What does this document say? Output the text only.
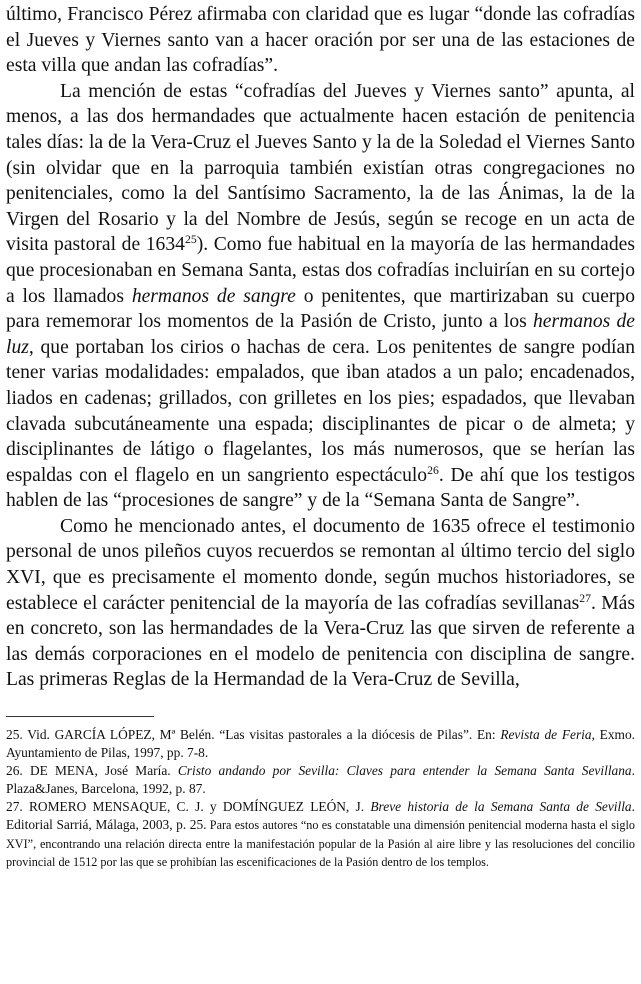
último, Francisco Pérez afirmaba con claridad que es lugar “donde las cofradías el Jueves y Viernes santo van a hacer oración por ser una de las estaciones de esta villa que andan las cofradías”.

La mención de estas “cofradías del Jueves y Viernes santo” apunta, al menos, a las dos hermandades que actualmente hacen estación de penitencia tales días: la de la Vera-Cruz el Jueves Santo y la de la Soledad el Viernes Santo (sin olvidar que en la parroquia también existían otras congregaciones no penitenciales, como la del Santísimo Sacramento, la de las Ánimas, la de la Virgen del Rosario y la del Nombre de Jesús, según se recoge en un acta de visita pastoral de 1634$^{25}$). Como fue habitual en la mayoría de las hermandades que procesionaban en Semana Santa, estas dos cofradías incluirían en su cortejo a los llamados hermanos de sangre o penitentes, que martirizaban su cuerpo para rememorar los momentos de la Pasión de Cristo, junto a los hermanos de luz, que portaban los cirios o hachas de cera. Los penitentes de sangre podían tener varias modalidades: empalados, que iban atados a un palo; encadenados, liados en cadenas; grillados, con grilletes en los pies; espadados, que llevaban clavada subcutáneamente una espada; disciplinantes de picar o de almeta; y disciplinantes de látigo o flagelantes, los más numerosos, que se herían las espaldas con el flagelo en un sangriento espectáculo$^{26}$. De ahí que los testigos hablen de las “procesiones de sangre” y de la “Semana Santa de Sangre”.

Como he mencionado antes, el documento de 1635 ofrece el testimonio personal de unos pileños cuyos recuerdos se remontan al último tercio del siglo XVI, que es precisamente el momento donde, según muchos historiadores, se establece el carácter penitencial de la mayoría de las cofradías sevillanas$^{27}$. Más en concreto, son las hermandades de la Vera-Cruz las que sirven de referente a las demás corporaciones en el modelo de penitencia con disciplina de sangre. Las primeras Reglas de la Hermandad de la Vera-Cruz de Sevilla,

25. Vid. GARCÍA LÓPEZ, Mª Belén. “Las visitas pastorales a la diócesis de Pilas”. En: Revista de Feria, Exmo. Ayuntamiento de Pilas, 1997, pp. 7-8.

26. DE MENA, José María. Cristo andando por Sevilla: Claves para entender la Semana Santa Sevillana. Plaza&Janes, Barcelona, 1992, p. 87.

27. ROMERO MENSAQUE, C. J. y DOMÍNGUEZ LEÓN, J. Breve historia de la Semana Santa de Sevilla. Editorial Sarriá, Málaga, 2003, p. 25. Para estos autores “no es constatable una dimensión penitencial moderna hasta el siglo XVI”, encontrando una relación directa entre la manifestación popular de la Pasión al aire libre y las resoluciones del concilio provincial de 1512 por las que se prohibían las escenificaciones de la Pasión dentro de los templos.
